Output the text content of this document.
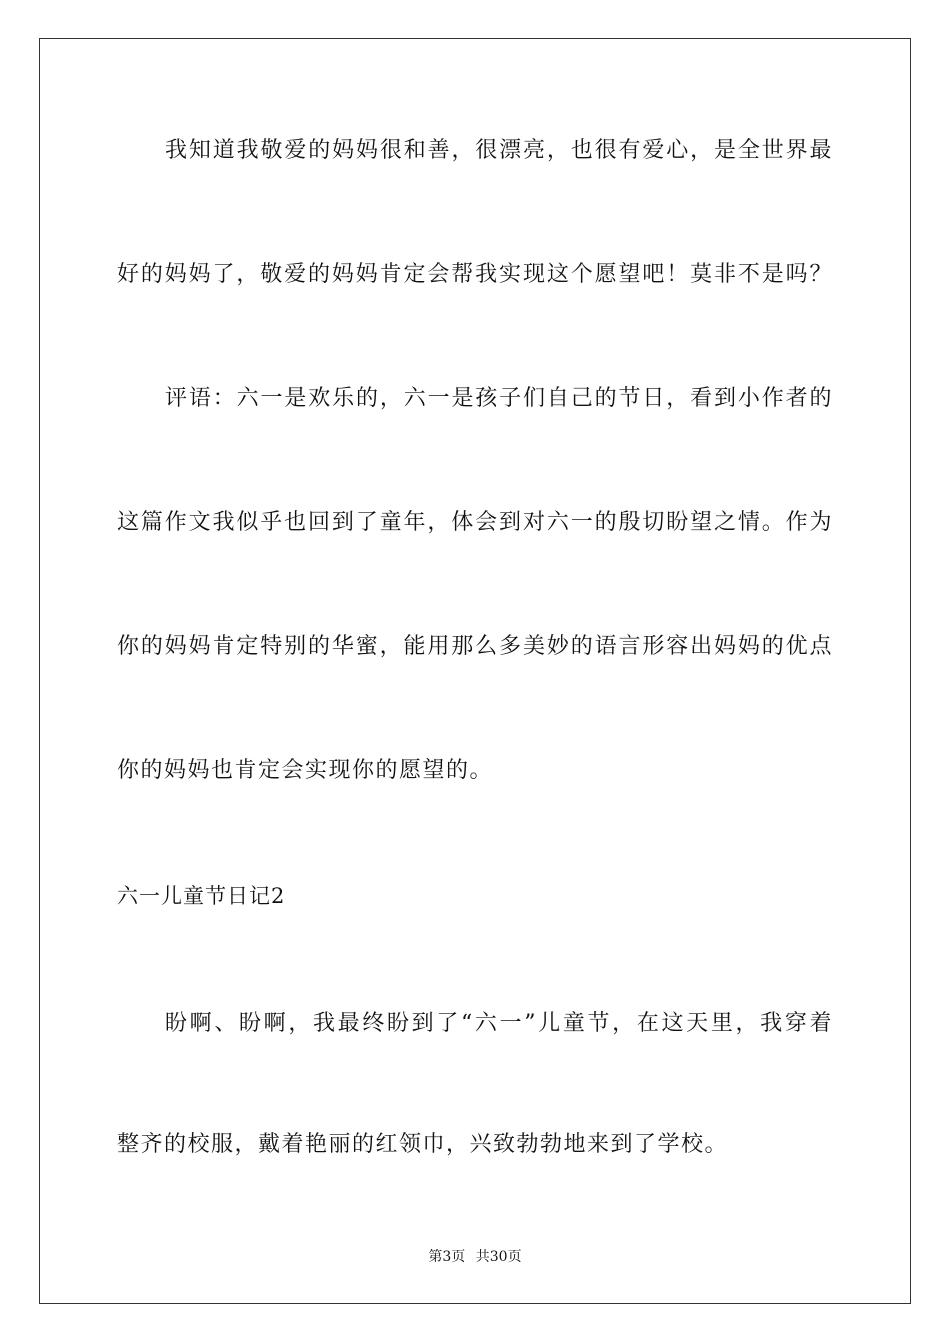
我知道我敬爱的妈妈很和善，很漂亮，也很有爱心，是全世界最
好的妈妈了，敬爱的妈妈肯定会帮我实现这个愿望吧！莫非不是吗？
评语：六一是欢乐的，六一是孩子们自己的节日，看到小作者的
这篇作文我似乎也回到了童年，体会到对六一的殷切盼望之情。作为
你的妈妈肯定特别的华蜜，能用那么多美妙的语言形容出妈妈的优点
你的妈妈也肯定会实现你的愿望的。
六一儿童节日记2
盼啊、盼啊，我最终盼到了“六一”儿童节，在这天里，我穿着
整齐的校服，戴着艳丽的红领巾，兴致勃勃地来到了学校。
第3页 共30页
